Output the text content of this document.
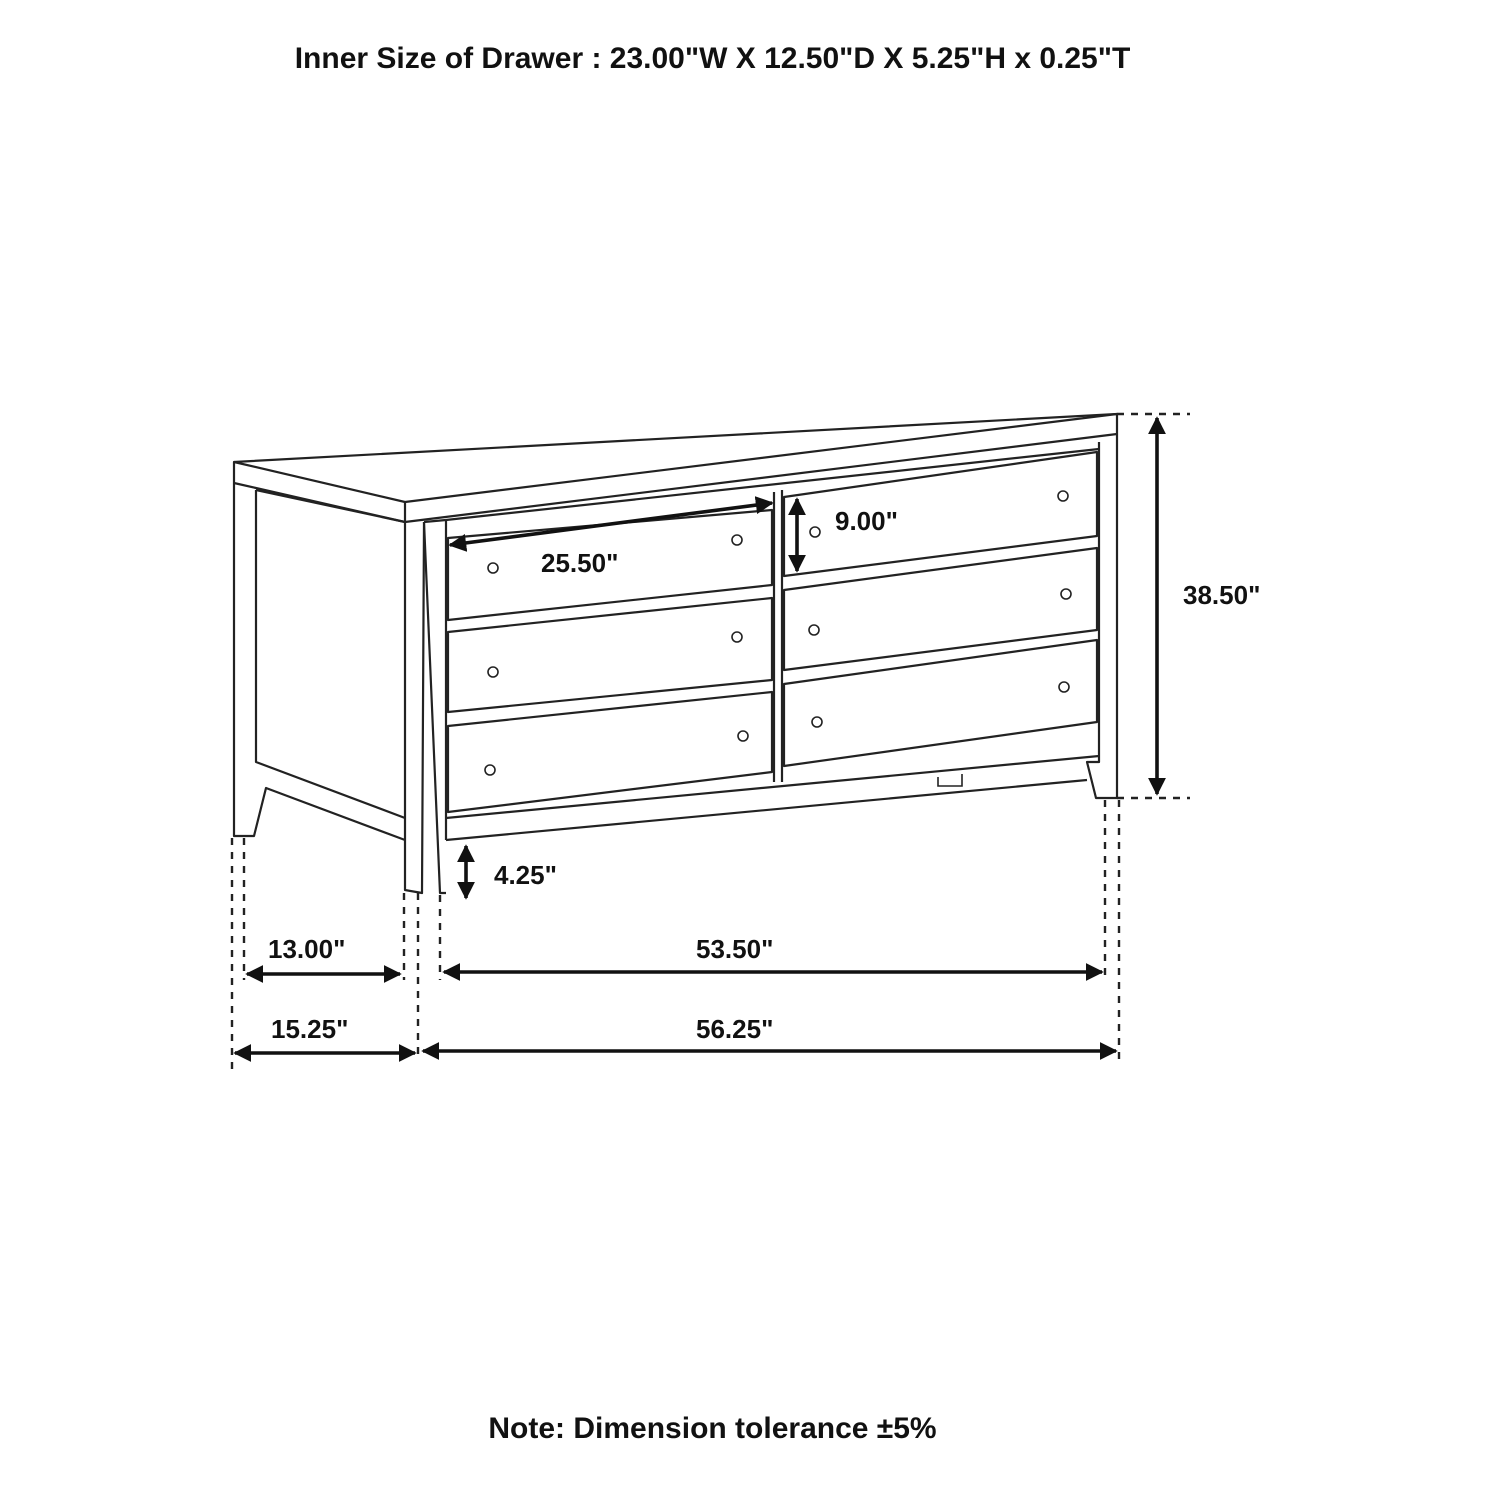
Inner Size of Drawer : 23.00"W X 12.50"D X 5.25"H x 0.25"T
25.50"
9.00"
38.50"
4.25"
13.00"	53.50"
15.25"	56.25"
Note: Dimension tolerance ±5%
